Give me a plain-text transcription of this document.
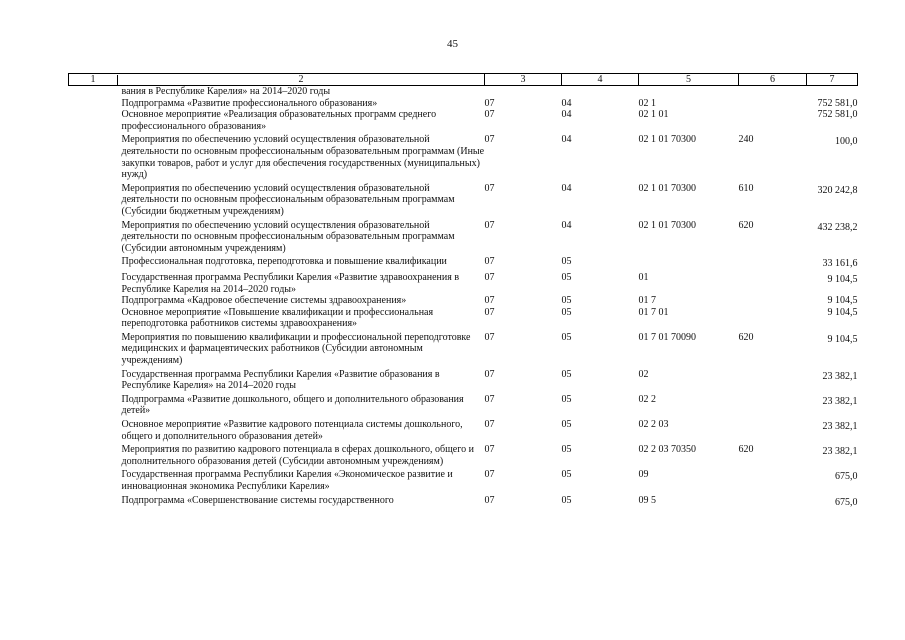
45
1 2	3	4	5	6	7
вания в Республике Карелия» на 2014–2020 годы					
Подпрограмма «Развитие профессионального образования»	07	04	02 1		752 581,0
Основное мероприятие «Реализация образовательных программ среднего профессионального образования»	07	04	02 1 01		752 581,0
Мероприятия по обеспечению условий осуществления образовательной деятельности по основным профессиональным образовательным программам (Иные закупки товаров, работ и услуг для обеспечения государственных (муниципальных) нужд)	07	04	02 1 01 70300	240	100,0
Мероприятия по обеспечению условий осуществления образовательной деятельности по основным профессиональным образовательным программам (Субсидии бюджетным учреждениям)	07	04	02 1 01 70300	610	320 242,8
Мероприятия по обеспечению условий осуществления образовательной деятельности по основным профессиональным образовательным программам (Субсидии автономным учреждениям)	07	04	02 1 01 70300	620	432 238,2
Профессиональная подготовка, переподготовка и повышение квалификации	07	05			33 161,6
Государственная программа Республики Карелия «Развитие здравоохранения в Республике Карелия на 2014–2020 годы»	07	05	01		9 104,5
Подпрограмма «Кадровое обеспечение системы здравоохранения»	07	05	01 7		9 104,5
Основное мероприятие «Повышение квалификации и профессиональная переподготовка работников системы здравоохранения»	07	05	01 7 01		9 104,5
Мероприятия по повышению квалификации и профессиональной переподготовке медицинских и фармацевтических работников (Субсидии автономным учреждениям)	07	05	01 7 01 70090	620	9 104,5
Государственная программа Республики Карелия «Развитие образования в Республике Карелия» на 2014–2020 годы	07	05	02		23 382,1
Подпрограмма «Развитие дошкольного, общего и дополнительного образования детей»	07	05	02 2		23 382,1
Основное мероприятие «Развитие кадрового потенциала системы дошкольного, общего и дополнительного образования детей»	07	05	02 2 03		23 382,1
Мероприятия по развитию кадрового потенциала в сферах дошкольного, общего и дополнительного образования детей (Субсидии автономным учреждениям)	07	05	02 2 03 70350	620	23 382,1
Государственная программа Республики Карелия «Экономическое развитие и инновационная экономика Республики Карелия»	07	05	09		675,0
Подпрограмма «Совершенствование системы государственного	07	05	09 5		675,0
